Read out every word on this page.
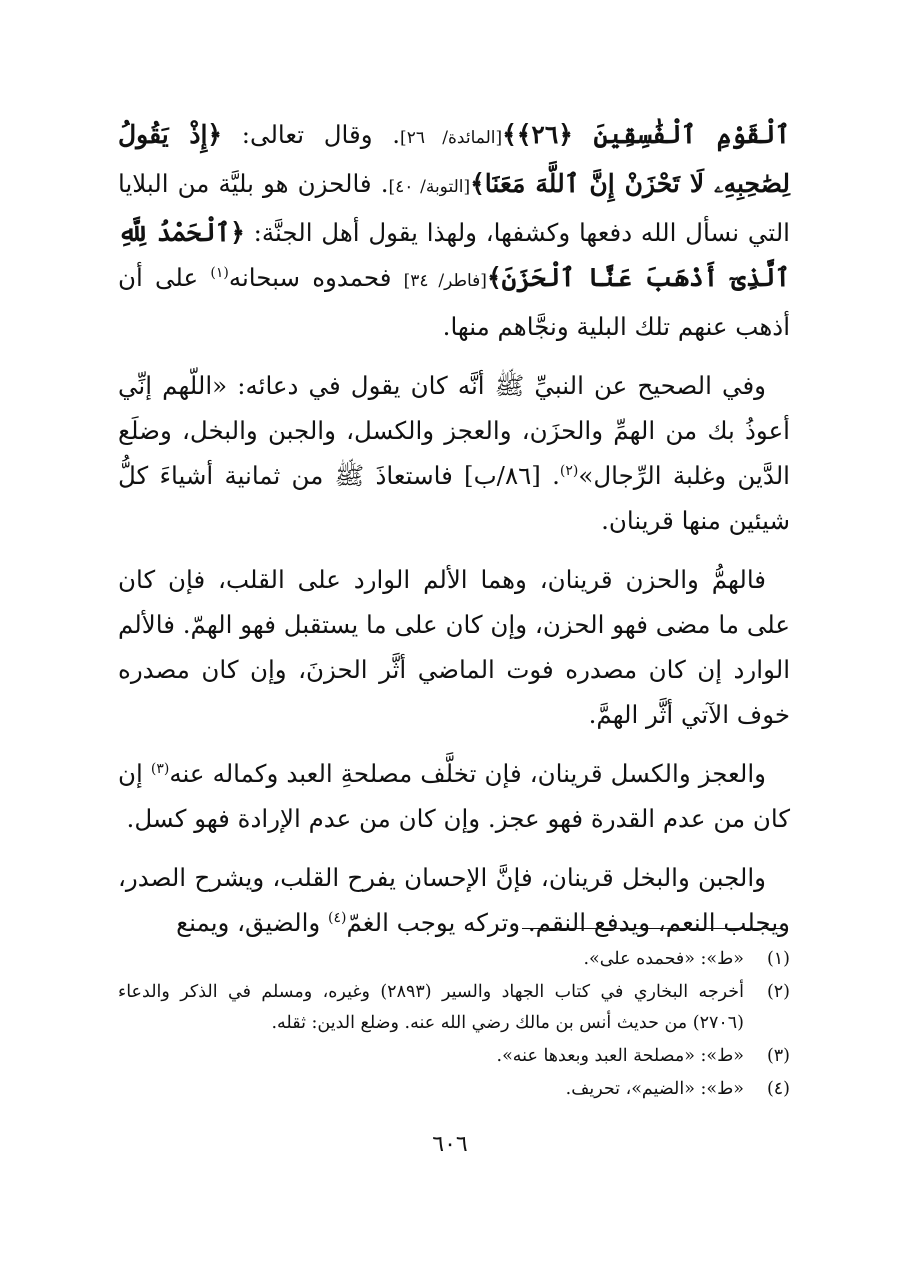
ٱلْقَوْمِ ٱلْفَٰسِقِينَ ﴿٢٦﴾﴾[المائدة/ ٢٦]. وقال تعالى: ﴿إِذْ يَقُولُ لِصَٰحِبِهِۦ لَا تَحْزَنْ إِنَّ ٱللَّهَ مَعَنَا﴾[التوبة/ ٤٠]. فالحزن هو بليَّة من البلايا التي نسأل الله دفعها وكشفها، ولهذا يقول أهل الجنَّة: ﴿ٱلْحَمْدُ لِلَّهِ ٱلَّذِىٓ أَذْهَبَ عَنَّا ٱلْحَزَنَ﴾[فاطر/ ٣٤] فحمدوه سبحانه$^{(١)}$ على أن أذهب عنهم تلك البلية ونجَّاهم منها.

وفي الصحيح عن النبيِّ ﷺ أنَّه كان يقول في دعائه: «اللّهم إنِّي أعوذُ بك من الهمِّ والحزَن، والعجز والكسل، والجبن والبخل، وضلَع الدَّين وغلبة الرِّجال»$^{(٢)}$. [٨٦/ب] فاستعاذَ ﷺ من ثمانية أشياءَ كلُّ شيئين منها قرينان.

فالهمُّ والحزن قرينان، وهما الألم الوارد على القلب، فإن كان على ما مضى فهو الحزن، وإن كان على ما يستقبل فهو الهمّ. فالألم الوارد إن كان مصدره فوت الماضي أثَّر الحزنَ، وإن كان مصدره خوف الآتي أثَّر الهمَّ.

والعجز والكسل قرينان، فإن تخلَّف مصلحةِ العبد وكماله عنه$^{(٣)}$ إن كان من عدم القدرة فهو عجز. وإن كان من عدم الإرادة فهو كسل.

والجبن والبخل قرينان، فإنَّ الإحسان يفرح القلب، ويشرح الصدر، ويجلب النعم، ويدفع النقم. وتركه يوجب الغمّ$^{(٤)}$ والضيق، ويمنع

(١)
«ط»: «فحمده على».
(٢)
أخرجه البخاري في كتاب الجهاد والسير (٢٨٩٣) وغيره، ومسلم في الذكر والدعاء (٢٧٠٦) من حديث أنس بن مالك رضي الله عنه. وضلع الدين: ثقله.
(٣)
«ط»: «مصلحة العبد وبعدها عنه».
(٤)
«ط»: «الضيم»، تحريف.
٦٠٦
